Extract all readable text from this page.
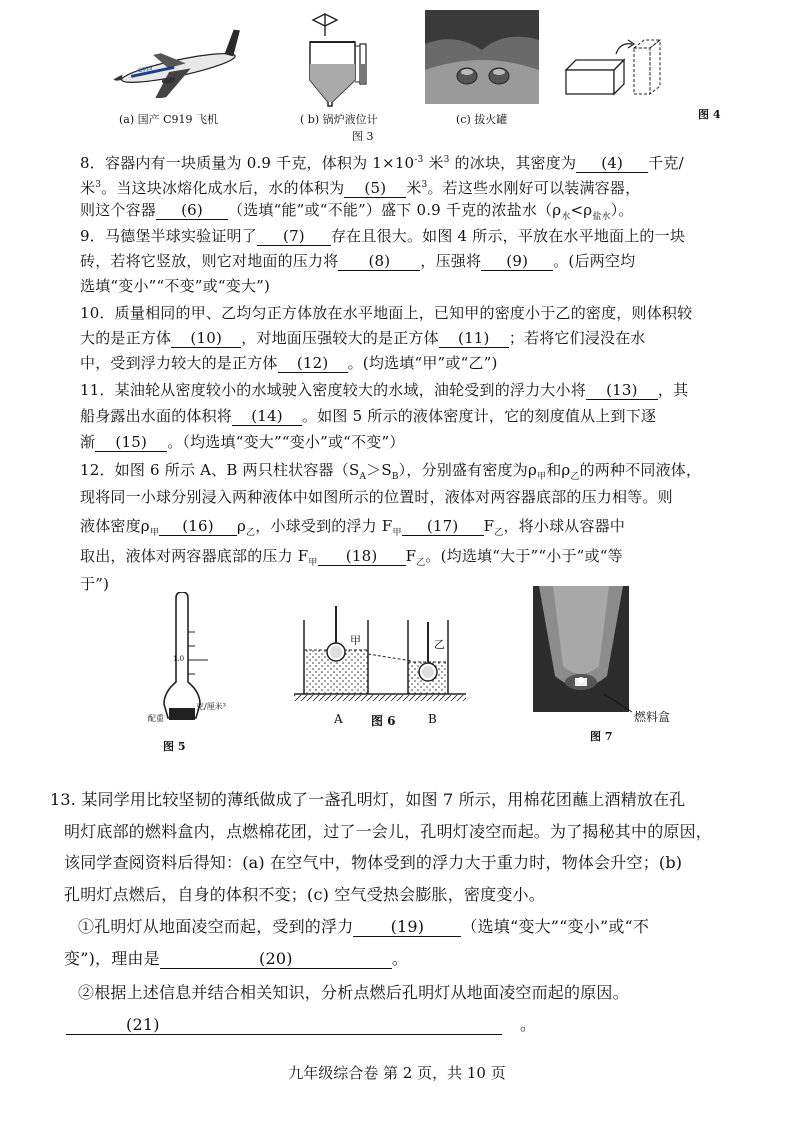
C919
(a) 国产 C919 飞机	( b) 锅炉液位计
图 3
(c) 拔火罐	图 4
8．容器内有一块质量为 0.9 千克，体积为 $1\times 10^{-3}$ 米$^3$ 的冰块，其密度为 (4) 千克/
米$^3$。当这块冰熔化成水后，水的体积为 (5) 米$^3$。若这些水刚好可以装满容器，
则这个容器 (6) （选填“能”或“不能”）盛下 0.9 千克的浓盐水$(\rho_水<\rho_{盐水})$。
9．马德堡半球实验证明了 (7) 存在且很大。如图 4 所示，平放在水平地面上的一块
砖，若将它竖放，则它对地面的压力将 (8) ，压强将 (9) 。(后两空均
选填“变小”“不变”或“变大”)
10．质量相同的甲、乙均匀正方体放在水平地面上，已知甲的密度小于乙的密度，则体积较
大的是正方体 (10) ，对地面压强较大的是正方体 (11) ；若将它们浸没在水
中，受到浮力较大的是正方体 (12) 。(均选填“甲”或“乙”)
11．某油轮从密度较小的水域驶入密度较大的水域，油轮受到的浮力大小将 (13) ，其
船身露出水面的体积将 (14) 。如图 5 所示的液体密度计，它的刻度值从上到下逐
渐 (15) 。（均选填“变大”“变小”或“不变”）
12．如图 6 所示 A、B 两只柱状容器$(S_A>S_B)$，分别盛有密度为$\rho_甲$和$\rho_乙$的两种不同液体，
现将同一小球分别浸入两种液体中如图所示的位置时，液体对两容器底部的压力相等。则
液体密度$\rho_甲$ (16) $\rho_乙$，小球受到的浮力 $F_甲$ (17) $F_乙$，将小球从容器中
取出，液体对两容器底部的压力 $F_甲$ (18) $F_乙$。(均选填“大于”“小于”或“等
于”)
1.0
克/厘米³
配重
图 5
甲	乙
A 图 6	B	燃料盒
图 7
13. 某同学用比较坚韧的薄纸做成了一盏孔明灯，如图 7 所示，用棉花团蘸上酒精放在孔
明灯底部的燃料盒内，点燃棉花团，过了一会儿，孔明灯凌空而起。为了揭秘其中的原因，
该同学查阅资料后得知：(a) 在空气中，物体受到的浮力大于重力时，物体会升空；(b)
孔明灯点燃后，自身的体积不变；(c) 空气受热会膨胀，密度变小。
①孔明灯从地面凌空而起，受到的浮力 (19) （选填“变大”“变小”或“不
变”)，理由是	(20)	。
②根据上述信息并结合相关知识，分析点燃后孔明灯从地面凌空而起的原因。
(21)	。
九年级综合卷 第 2 页，共 10 页
